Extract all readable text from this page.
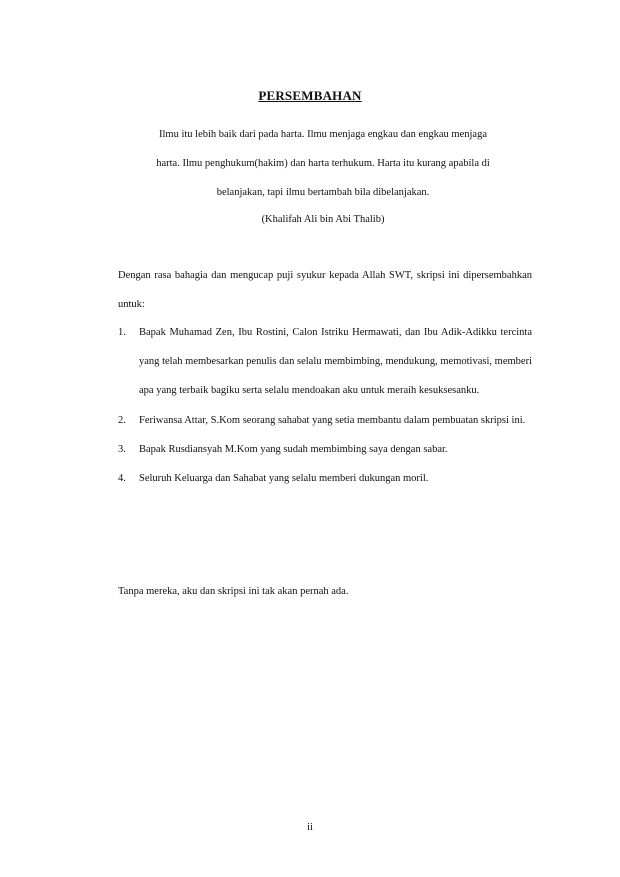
PERSEMBAHAN
Ilmu itu lebih baik dari pada harta. Ilmu menjaga engkau dan engkau menjaga
harta. Ilmu penghukum(hakim) dan harta terhukum. Harta itu kurang apabila di
belanjakan, tapi ilmu bertambah bila dibelanjakan.
(Khalifah Ali bin Abi Thalib)
Dengan rasa bahagia dan mengucap puji syukur kepada Allah SWT, skripsi ini dipersembahkan untuk:
1. Bapak Muhamad Zen, Ibu Rostini, Calon Istriku Hermawati, dan Ibu Adik-Adikku tercinta yang telah membesarkan penulis dan selalu membimbing, mendukung, memotivasi, memberi apa yang terbaik bagiku serta selalu mendoakan aku untuk meraih kesuksesanku.
2. Feriwansa Attar, S.Kom seorang sahabat yang setia membantu dalam pembuatan skripsi ini.
3. Bapak Rusdiansyah M.Kom yang sudah membimbing saya dengan sabar.
4. Seluruh Keluarga dan Sahabat yang selalu memberi dukungan moril.
Tanpa mereka, aku dan skripsi ini tak akan pernah ada.
ii
